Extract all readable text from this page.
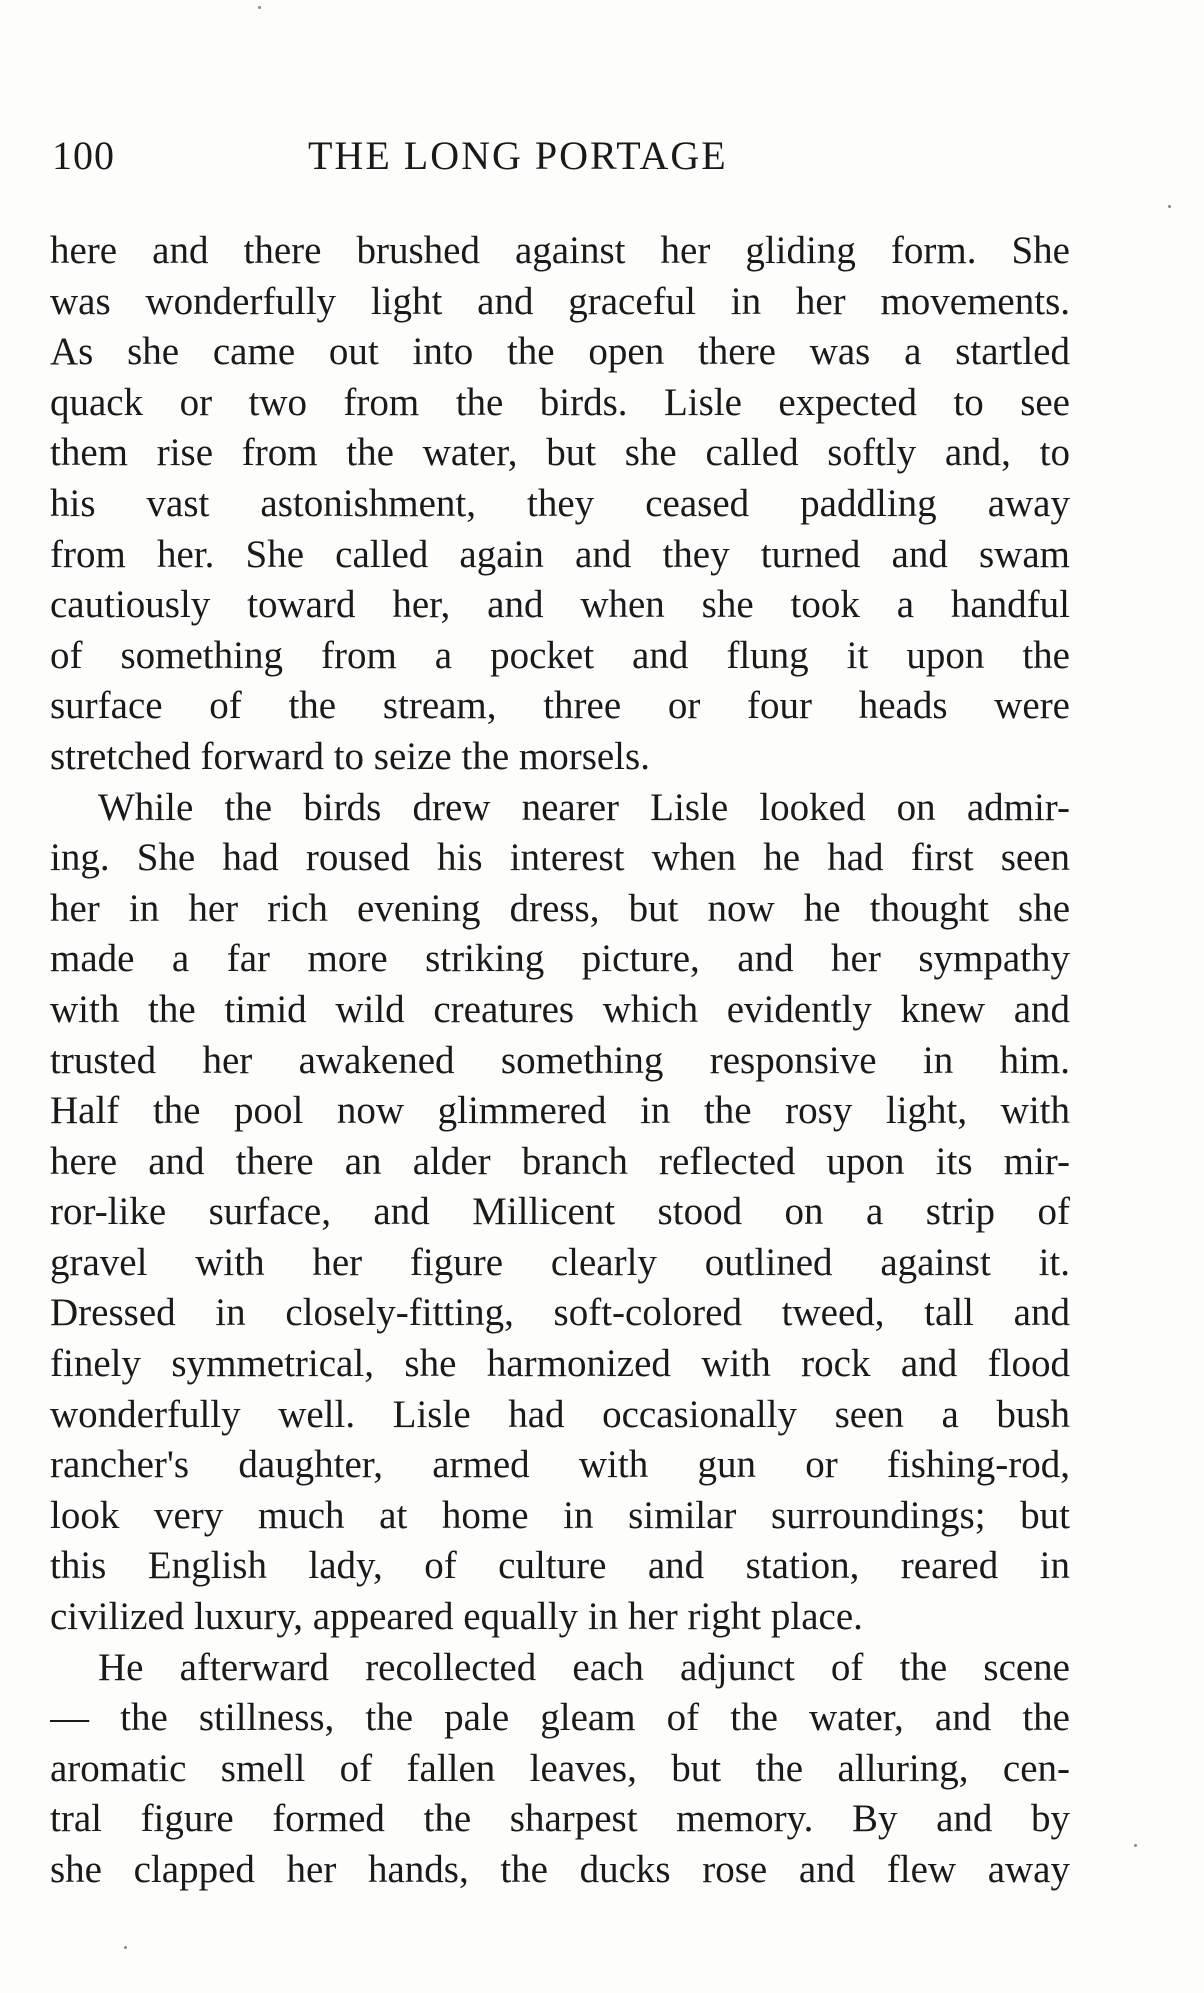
100	THE LONG PORTAGE
here and there brushed against her gliding form. She
was wonderfully light and graceful in her movements.
As she came out into the open there was a startled
quack or two from the birds. Lisle expected to see
them rise from the water, but she called softly and, to
his vast astonishment, they ceased paddling away
from her. She called again and they turned and swam
cautiously toward her, and when she took a handful
of something from a pocket and flung it upon the
surface of the stream, three or four heads were
stretched forward to seize the morsels.
While the birds drew nearer Lisle looked on admir-
ing. She had roused his interest when he had first seen
her in her rich evening dress, but now he thought she
made a far more striking picture, and her sympathy
with the timid wild creatures which evidently knew and
trusted her awakened something responsive in him.
Half the pool now glimmered in the rosy light, with
here and there an alder branch reflected upon its mir-
ror-like surface, and Millicent stood on a strip of
gravel with her figure clearly outlined against it.
Dressed in closely-fitting, soft-colored tweed, tall and
finely symmetrical, she harmonized with rock and flood
wonderfully well. Lisle had occasionally seen a bush
rancher's daughter, armed with gun or fishing-rod,
look very much at home in similar surroundings; but
this English lady, of culture and station, reared in
civilized luxury, appeared equally in her right place.
He afterward recollected each adjunct of the scene
— the stillness, the pale gleam of the water, and the
aromatic smell of fallen leaves, but the alluring, cen-
tral figure formed the sharpest memory. By and by
she clapped her hands, the ducks rose and flew away
